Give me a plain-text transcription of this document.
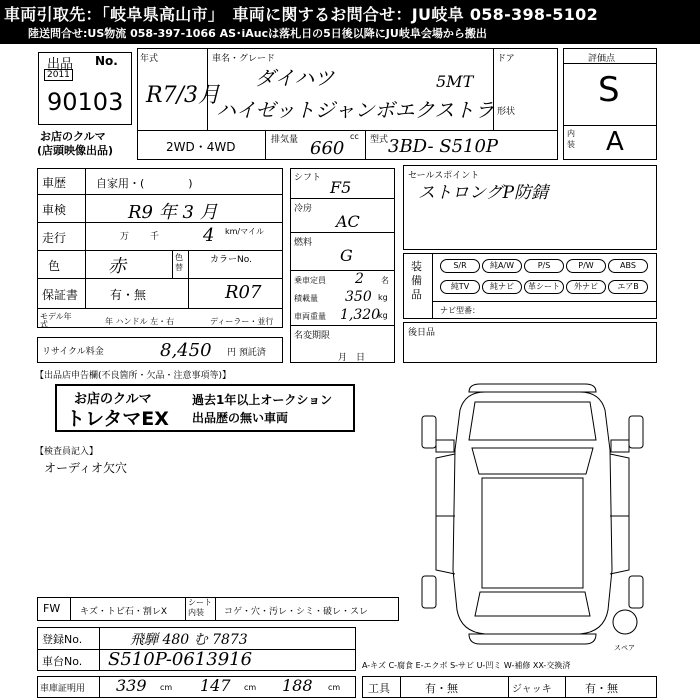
車両引取先：「岐阜県高山市」　車両に関するお問合せ：JU岐阜 058-398-5102
陸送問合せ:US物流 058-397-1066 AS･iAucは落札日の5日後以降にJU岐阜会場から搬出
出品 No.
2011
90103
お店のクルマ
(店頭映像出品)
年式
R7/3月
車名・グレード
ダイハツ	5MT
ハイゼットジャンボエクストラ
ドア
形状
2WD・4WD	排気量 660
cc 型式 3BD- S510P
評価点
S
内装 A
車歴	自家用・(　　　　)
車検	R9 年 3 月
走行	万 千 4 km/マイル
色	赤	色替
カラーNo.
R07
保証書	有・無
モデル年式	年 ハンドル 左・右	ディーラー・並行
リサイクル料金	8,450 円 預託済
シフト F5
冷房
AC
燃料
G
乗車定員 2 名
積載量 350 kg
車両重量 1,320
kg
名変期限
月　日
セールスポイント
ストロングP防錆
装備品
S/R	純A/W	P/S	P/W	ABS
純TV	純ナビ	革シート	外ナビ	エアB
ナビ型番：
後日品
【出品店申告欄(不良箇所・欠品・注意事項等)】
お店のクルマ
トレタマEX
過去1年以上オークション
出品歴の無い車両
【検査員記入】
オーディオ欠穴
スペア
FW キズ・トビ石・割レX
シート内装	コゲ・穴・汚レ・シミ・破レ・スレ
登録No.	飛騨 480 む 7873
車台No. S510P-0613916
車庫証明用 339 cm 147 cm 188 cm
A-キズ C-腐食 E-エクボ S-サビ U-凹ミ W-補修 XX-交換済
工具	有・無	ジャッキ	有・無
